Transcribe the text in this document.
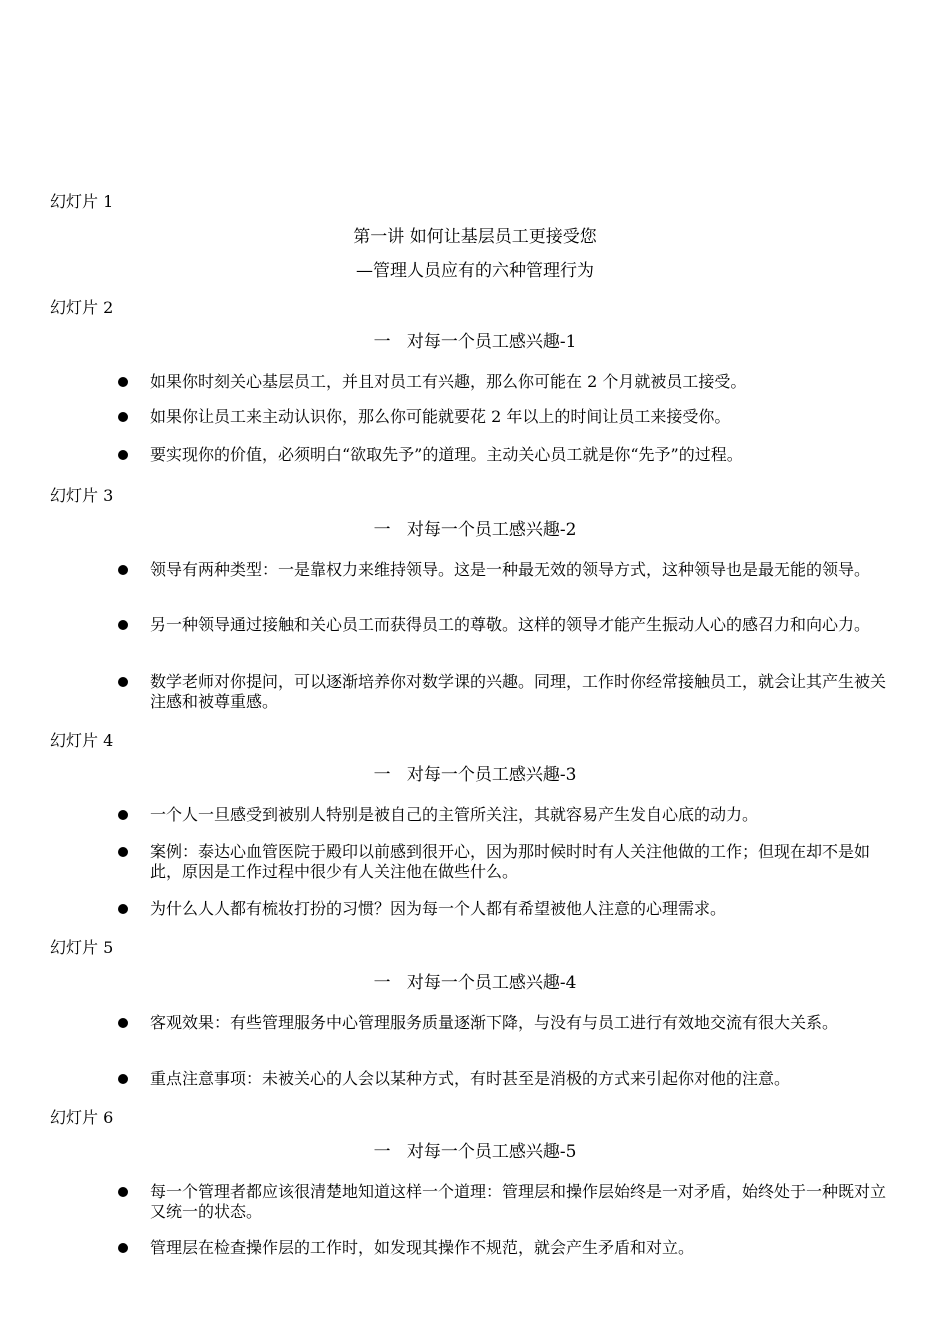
幻灯片 1
第一讲 如何让基层员工更接受您
—管理人员应有的六种管理行为
幻灯片 2
一   对每一个员工感兴趣-1
如果你时刻关心基层员工，并且对员工有兴趣，那么你可能在 2 个月就被员工接受。
如果你让员工来主动认识你，那么你可能就要花 2 年以上的时间让员工来接受你。
要实现你的价值，必须明白“欲取先予”的道理。主动关心员工就是你“先予”的过程。
幻灯片 3
一   对每一个员工感兴趣-2
领导有两种类型：一是靠权力来维持领导。这是一种最无效的领导方式，这种领导也是最无能的领导。
另一种领导通过接触和关心员工而获得员工的尊敬。这样的领导才能产生振动人心的感召力和向心力。
数学老师对你提问，可以逐渐培养你对数学课的兴趣。同理，工作时你经常接触员工，就会让其产生被关注感和被尊重感。
幻灯片 4
一   对每一个员工感兴趣-3
一个人一旦感受到被别人特别是被自己的主管所关注，其就容易产生发自心底的动力。
案例：泰达心血管医院于殿印以前感到很开心，因为那时候时时有人关注他做的工作；但现在却不是如此，原因是工作过程中很少有人关注他在做些什么。
为什么人人都有梳妆打扮的习惯？因为每一个人都有希望被他人注意的心理需求。
幻灯片 5
一   对每一个员工感兴趣-4
客观效果：有些管理服务中心管理服务质量逐渐下降，与没有与员工进行有效地交流有很大关系。
重点注意事项：未被关心的人会以某种方式，有时甚至是消极的方式来引起你对他的注意。
幻灯片 6
一   对每一个员工感兴趣-5
每一个管理者都应该很清楚地知道这样一个道理：管理层和操作层始终是一对矛盾，始终处于一种既对立又统一的状态。
管理层在检查操作层的工作时，如发现其操作不规范，就会产生矛盾和对立。
